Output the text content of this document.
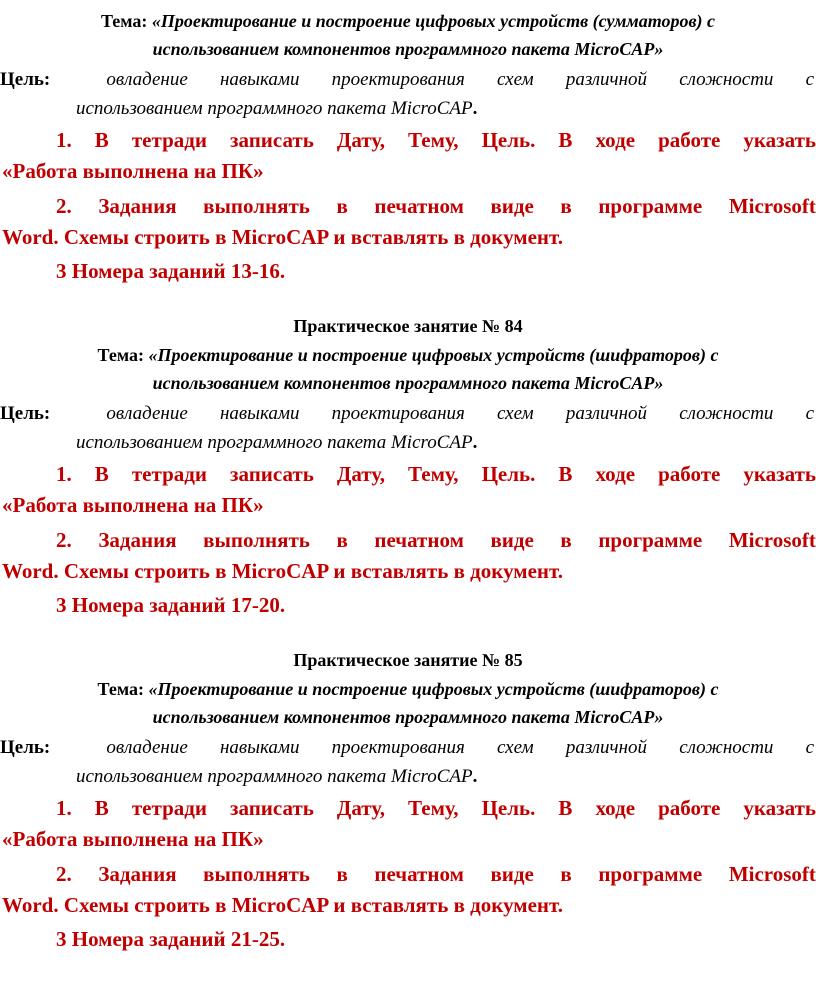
Тема: «Проектирование и построение цифровых устройств (сумматоров) с
использованием компонентов программного пакета MicroCAP»
Цель:	овладение навыками проектирования схем различной сложности с
использованием программного пакета MicroCAP.
1. В тетради записать Дату, Тему, Цель. В ходе работе указать
«Работа выполнена на ПК»
2. Задания выполнять в печатном виде в программе Microsoft
Word. Схемы строить в MicroCAP и вставлять в документ.
3 Номера заданий 13-16.
Практическое занятие № 84
Тема: «Проектирование и построение цифровых устройств (шифраторов) с
использованием компонентов программного пакета MicroCAP»
Цель:	овладение навыками проектирования схем различной сложности с
использованием программного пакета MicroCAP.
1. В тетради записать Дату, Тему, Цель. В ходе работе указать
«Работа выполнена на ПК»
2. Задания выполнять в печатном виде в программе Microsoft
Word. Схемы строить в MicroCAP и вставлять в документ.
3 Номера заданий 17-20.
Практическое занятие № 85
Тема: «Проектирование и построение цифровых устройств (шифраторов) с
использованием компонентов программного пакета MicroCAP»
Цель:	овладение навыками проектирования схем различной сложности с
использованием программного пакета MicroCAP.
1. В тетради записать Дату, Тему, Цель. В ходе работе указать
«Работа выполнена на ПК»
2. Задания выполнять в печатном виде в программе Microsoft
Word. Схемы строить в MicroCAP и вставлять в документ.
3 Номера заданий 21-25.
